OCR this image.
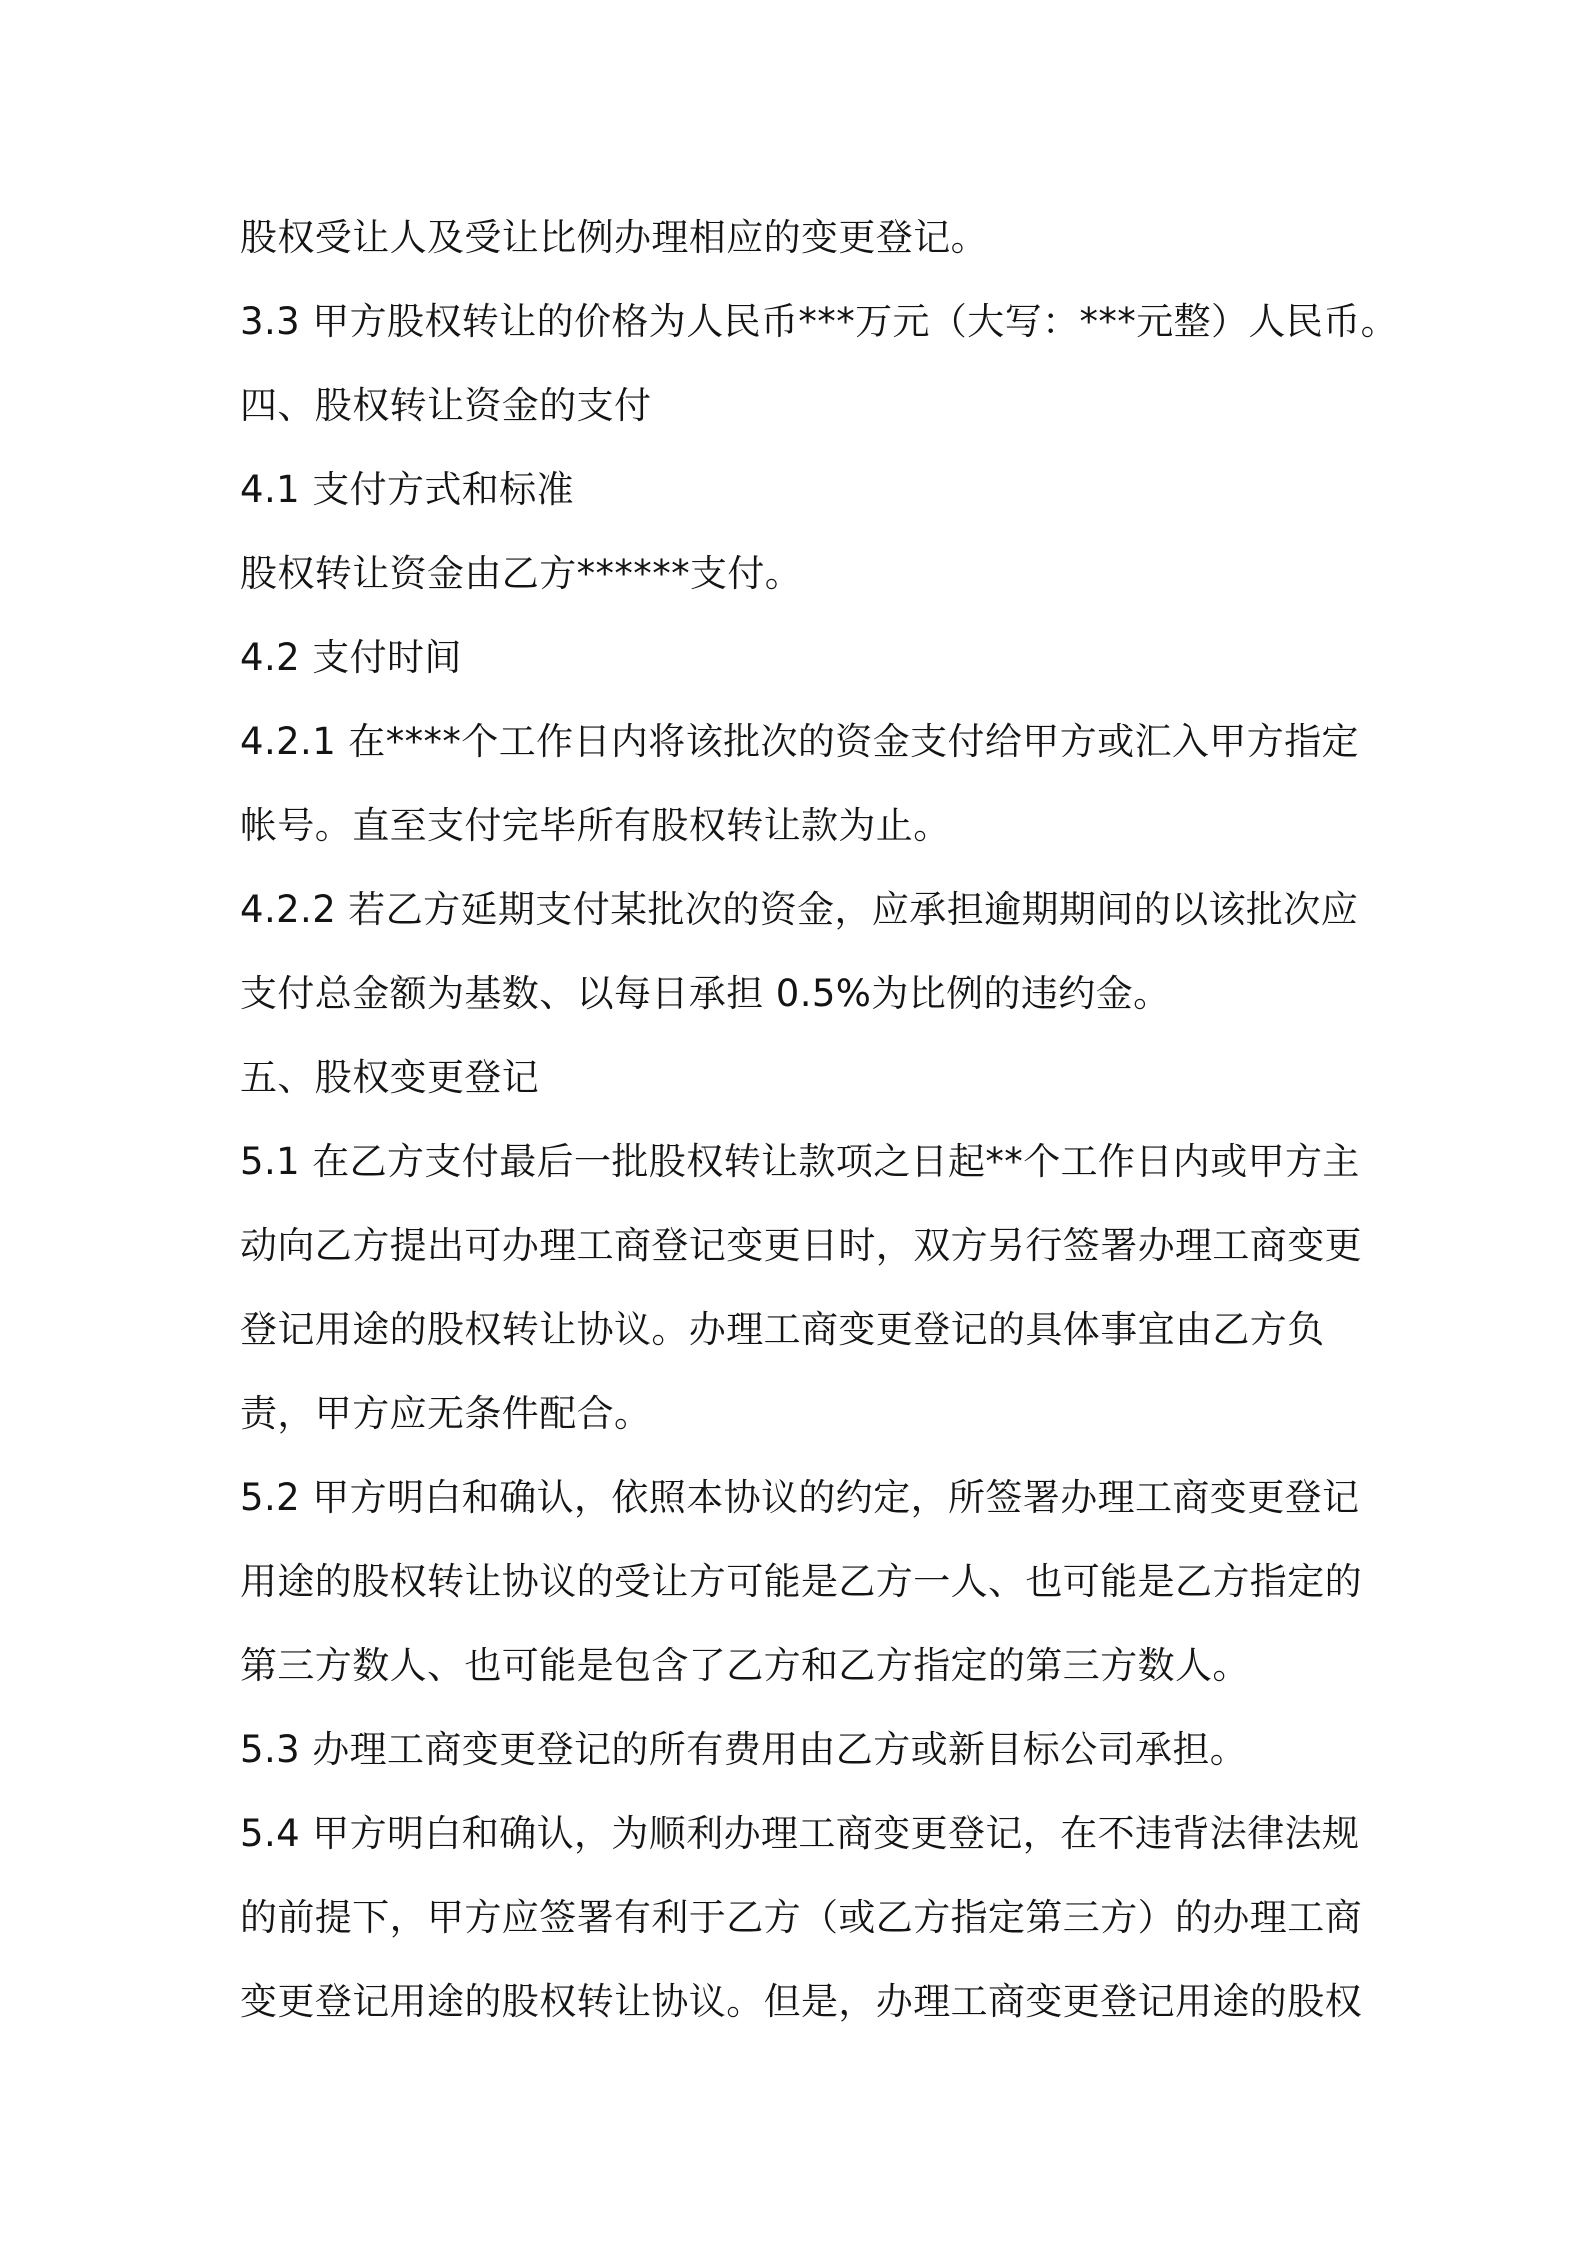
股权受让人及受让比例办理相应的变更登记。
3.3 甲方股权转让的价格为人民币***万元（大写：***元整）人民币。
四、股权转让资金的支付
4.1 支付方式和标准
股权转让资金由乙方******支付。
4.2 支付时间
4.2.1 在****个工作日内将该批次的资金支付给甲方或汇入甲方指定
帐号。直至支付完毕所有股权转让款为止。
4.2.2 若乙方延期支付某批次的资金，应承担逾期期间的以该批次应
支付总金额为基数、以每日承担 0.5%为比例的违约金。
五、股权变更登记
5.1 在乙方支付最后一批股权转让款项之日起**个工作日内或甲方主
动向乙方提出可办理工商登记变更日时，双方另行签署办理工商变更
登记用途的股权转让协议。办理工商变更登记的具体事宜由乙方负
责，甲方应无条件配合。
5.2 甲方明白和确认，依照本协议的约定，所签署办理工商变更登记
用途的股权转让协议的受让方可能是乙方一人、也可能是乙方指定的
第三方数人、也可能是包含了乙方和乙方指定的第三方数人。
5.3 办理工商变更登记的所有费用由乙方或新目标公司承担。
5.4 甲方明白和确认，为顺利办理工商变更登记，在不违背法律法规
的前提下，甲方应签署有利于乙方（或乙方指定第三方）的办理工商
变更登记用途的股权转让协议。但是，办理工商变更登记用途的股权
